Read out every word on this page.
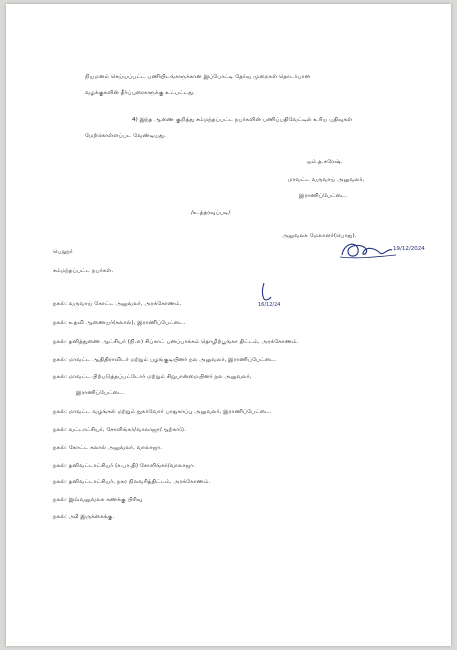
நியமனம் செய்யப்பட்ட பணியிடங்களுக்கான இப்போட்டி தேர்வு முறைகள் தொடர்பான
வழக்குகளின் தீர்ப்புரைகளுக்கு உட்பட்டது.
4) இந்த ஆணை குறித்து சம்மந்தப்பட்ட நபர்களின் பணிப்பதிவேட்டில் உரிய பதிவுகள்
மேற்கொள்ளப்பட வேண்டியது.
ஒம்.த.சுரேஷ்.
மாவட்ட வருவாய் அலுவலர்,
இராணிப்பேட்டை.
/உ.த்தரவுப்படி/
19/12/2024
அலுவலக மேலாளர்(பொது).
பெறுநர்
சம்மந்தப்பட்ட நபர்கள்.
16/12/24
நகல்: வருவாய் கோட்ட அலுவலர், அரக்கோணம்.
நகல்: உதவி ஆணையர்(கலால்), இராணிப்பேட்டை.
நகல்: தனித்துணை ஆட்சியர் (நி.எ) சிப்காட் பனப்பாக்கம் தொழிற்பூங்கா திட்டம், அரக்கோணம்.
நகல்: மாவட்ட ஆதிதிராவிடர் மற்றும் பழங்குடியினர் நல அலுவலர், இராணிப்பேட்டை.
நகல்: மாவட்ட பிற்படுத்தப்பட்டோர் மற்றும் சிறுபான்மையினர் நல அலுவலர்,
இராணிப்பேட்டை.
நகல்: மாவட்ட வழங்கல் மற்றும் நுகர்வோர் பாதுகாப்பு அலுவலர், இராணிப்பேட்டை.
நகல்: வட்டாட்சியர், சோளிங்கர்/வாலாஜா/ஆற்காடு.
நகல்: கோட்ட கலால் அலுவலர், வாலாஜா.
நகல்: தனிவட்டாட்சியர் (ச.பா.தி) சோளிங்கர்/வாலாஜா.
நகல்: தனிவட்டாட்சியர், நகர நிலவரித்திட்டம், அரக்கோணம்.
நகல்: இவ்வலுவலக கணக்கு பிரிவு
நகல்: அ2 இருக்கைக்கு.
